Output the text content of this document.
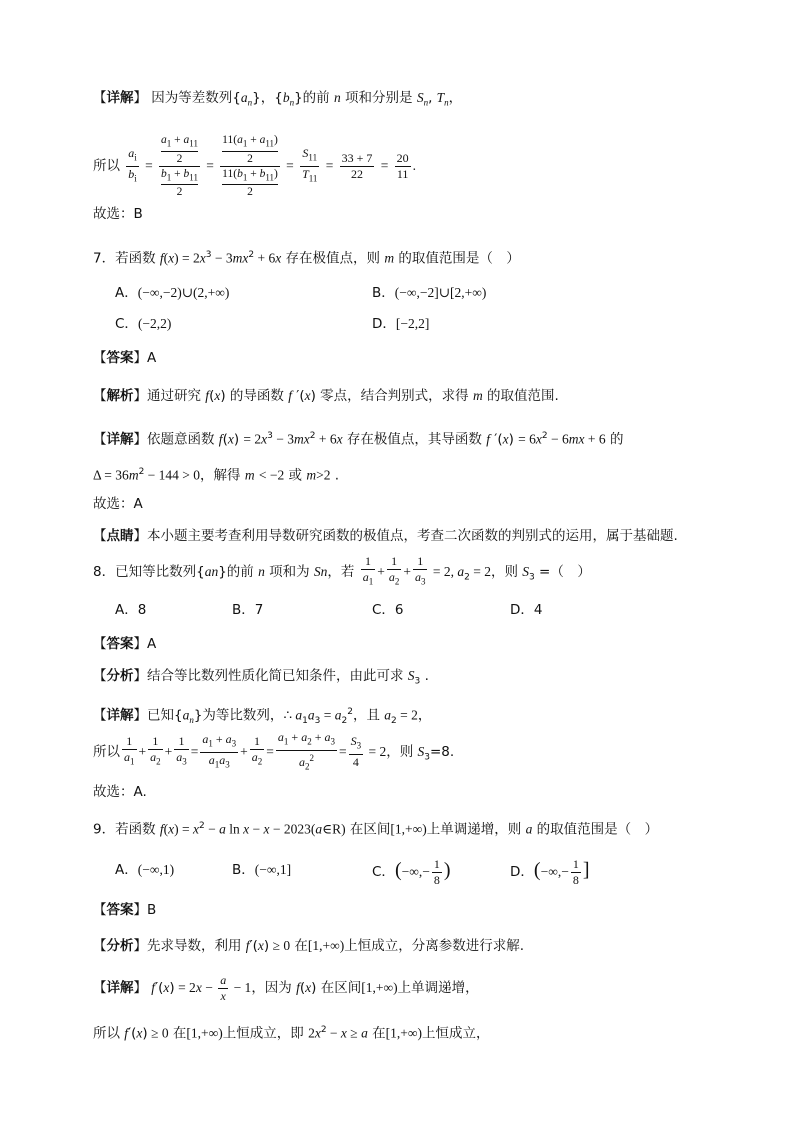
【详解】 因为等差数列$\{a_n\}$，$\{b_n\}$的前 n 项和分别是 $S_n$, $T_n$，
所以 $\frac{a_i}{b_i} = \frac{\frac{a_1 + a_{11}}{2}}{\frac{b_1 + b_{11}}{2}} = \frac{\frac{11(a_1 + a_{11})}{2}}{\frac{11(b_1 + b_{11})}{2}} = \frac{S_{11}}{T_{11}} = \frac{33 + 7}{22} = \frac{20}{11}$ .
故选：B
7．若函数 $f(x) = 2x^3 - 3mx^2 + 6x$ 存在极值点，则 m 的取值范围是（　）
A．(−∞,−2)∪(2,+∞)	B．(−∞,−2]∪[2,+∞)
C．(−2,2)	D．[−2,2]
【答案】A
【解析】通过研究 f(x) 的导函数 f ′(x) 零点，结合判别式，求得 m 的取值范围.
【详解】依题意函数 $f(x) = 2x^3 - 3mx^2 + 6x$ 存在极值点，其导函数 f $'(x) = 6x^2 - 6mx + 6$ 的
$\Delta = 36m^2 - 144 > 0$，解得 m < −2 或 m>2 .
故选：A
【点睛】本小题主要考查利用导数研究函数的极值点，考查二次函数的判别式的运用，属于基础题.
8．已知等比数列{an}的前 n 项和为 Sn，若 $\frac{1}{a_1} + \frac{1}{a_2} + \frac{1}{a_3} = 2$, $a_2 = 2$，则 $S_3$ =（　）
A．8	B．7	C．6	D．4
【答案】A
【分析】结合等比数列性质化简已知条件，由此可求 $S_3$ .
【详解】已知$\{a_n\}$为等比数列，∴ $a_1a_3 = a_2^2$，且 $a_2 = 2$，
所以 $\frac{1}{a_1} + \frac{1}{a_2} + \frac{1}{a_3} = \frac{a_1 + a_3}{a_1a_3} + \frac{1}{a_2} = \frac{a_1 + a_2 + a_3}{a_2^2} = \frac{S_3}{4} = 2$，则 $S_3=8$.
故选：A.
9．若函数 $f(x) = x^2 - a$ ln x − x − 2023(a∈R) 在区间[1,+∞)上单调递增，则 a 的取值范围是（　）
A．(−∞,1)	B．(−∞,1]	C．(−∞,− $\frac{1}{8}$ )	D．(−∞,− $\frac{1}{8}$ ]
【答案】B
【分析】先求导数，利用 f′(x) ≥ 0 在[1,+∞)上恒成立，分离参数进行求解.
【详解】 $f'(x) = 2x - \frac{a}{x} - 1$，因为 f(x) 在区间[1,+∞)上单调递增，
所以 f′(x) ≥ 0 在[1,+∞)上恒成立，即 $2x^2 - x \ge a$ 在[1,+∞)上恒成立，
